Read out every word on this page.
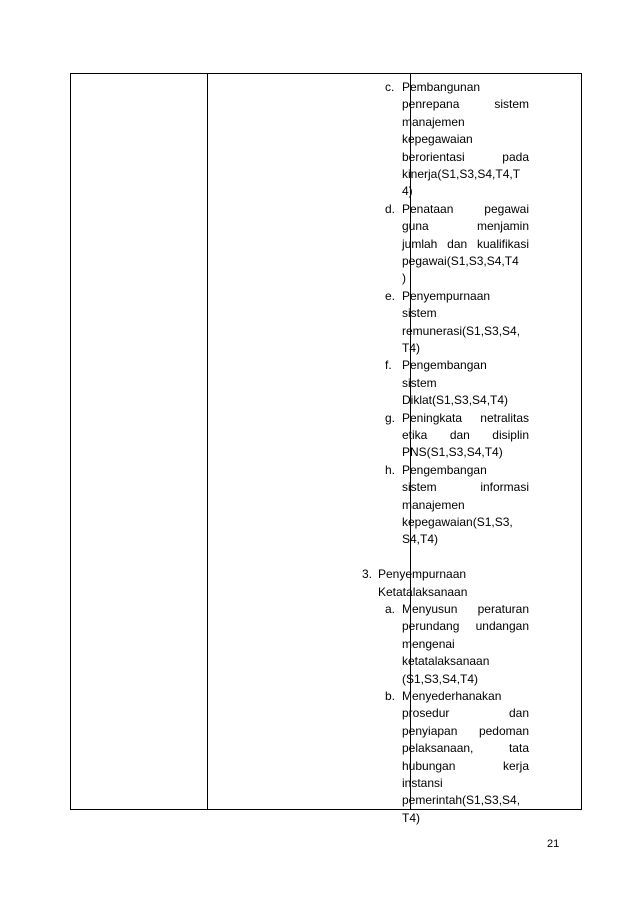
c. Pembangunan
penrepana sistem
manajemen
kepegawaian
berorientasi pada
kinerja(S1,S3,S4,T4,T
4)
d. Penataan pegawai
guna menjamin
jumlah dan kualifikasi
pegawai(S1,S3,S4,T4
)
e. Penyempurnaan
sistem
remunerasi(S1,S3,S4,
T4)
f. Pengembangan
sistem
Diklat(S1,S3,S4,T4)
g. Peningkata netralitas
etika dan disiplin
PNS(S1,S3,S4,T4)
h. Pengembangan
sistem informasi
manajemen
kepegawaian(S1,S3,
S4,T4)
3. Penyempurnaan
Ketatalaksanaan
a. Menyusun peraturan
perundang undangan
mengenai
ketatalaksanaan
(S1,S3,S4,T4)
b. Menyederhanakan
prosedur dan
penyiapan pedoman
pelaksanaan, tata
hubungan kerja
instansi
pemerintah(S1,S3,S4,
T4)

21
